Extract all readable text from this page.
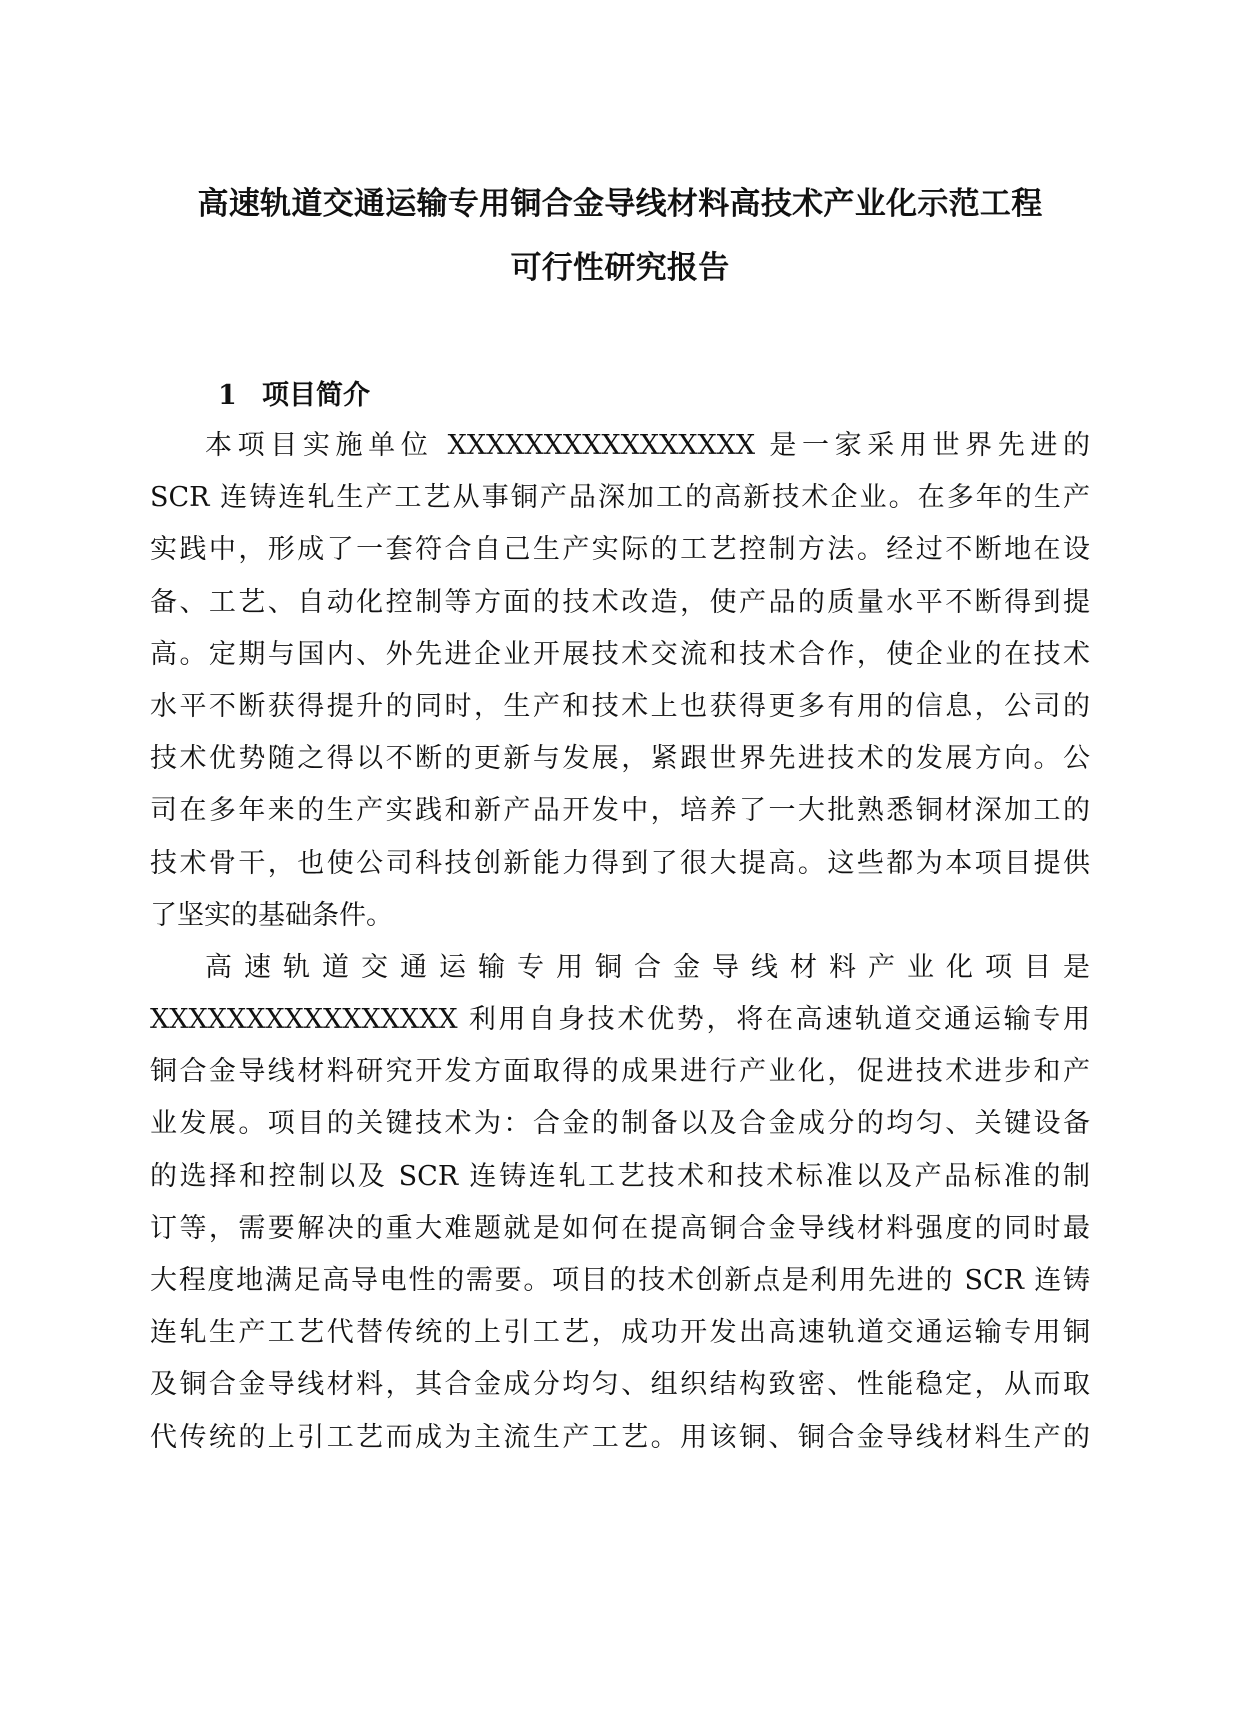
高速轨道交通运输专用铜合金导线材料高技术产业化示范工程
可行性研究报告
1 项目简介
本项目实施单位 XXXXXXXXXXXXXXXX 是一家采用世界先进的
SCR 连铸连轧生产工艺从事铜产品深加工的高新技术企业。在多年的生产
实践中，形成了一套符合自己生产实际的工艺控制方法。经过不断地在设
备、工艺、自动化控制等方面的技术改造，使产品的质量水平不断得到提
高。定期与国内、外先进企业开展技术交流和技术合作，使企业的在技术
水平不断获得提升的同时，生产和技术上也获得更多有用的信息，公司的
技术优势随之得以不断的更新与发展，紧跟世界先进技术的发展方向。公
司在多年来的生产实践和新产品开发中，培养了一大批熟悉铜材深加工的
技术骨干，也使公司科技创新能力得到了很大提高。这些都为本项目提供
了坚实的基础条件。
高速轨道交通运输专用铜合金导线材料产业化项目是
XXXXXXXXXXXXXXXX 利用自身技术优势，将在高速轨道交通运输专用
铜合金导线材料研究开发方面取得的成果进行产业化，促进技术进步和产
业发展。项目的关键技术为：合金的制备以及合金成分的均匀、关键设备
的选择和控制以及 SCR 连铸连轧工艺技术和技术标准以及产品标准的制
订等，需要解决的重大难题就是如何在提高铜合金导线材料强度的同时最
大程度地满足高导电性的需要。项目的技术创新点是利用先进的 SCR 连铸
连轧生产工艺代替传统的上引工艺，成功开发出高速轨道交通运输专用铜
及铜合金导线材料，其合金成分均匀、组织结构致密、性能稳定，从而取
代传统的上引工艺而成为主流生产工艺。用该铜、铜合金导线材料生产的
